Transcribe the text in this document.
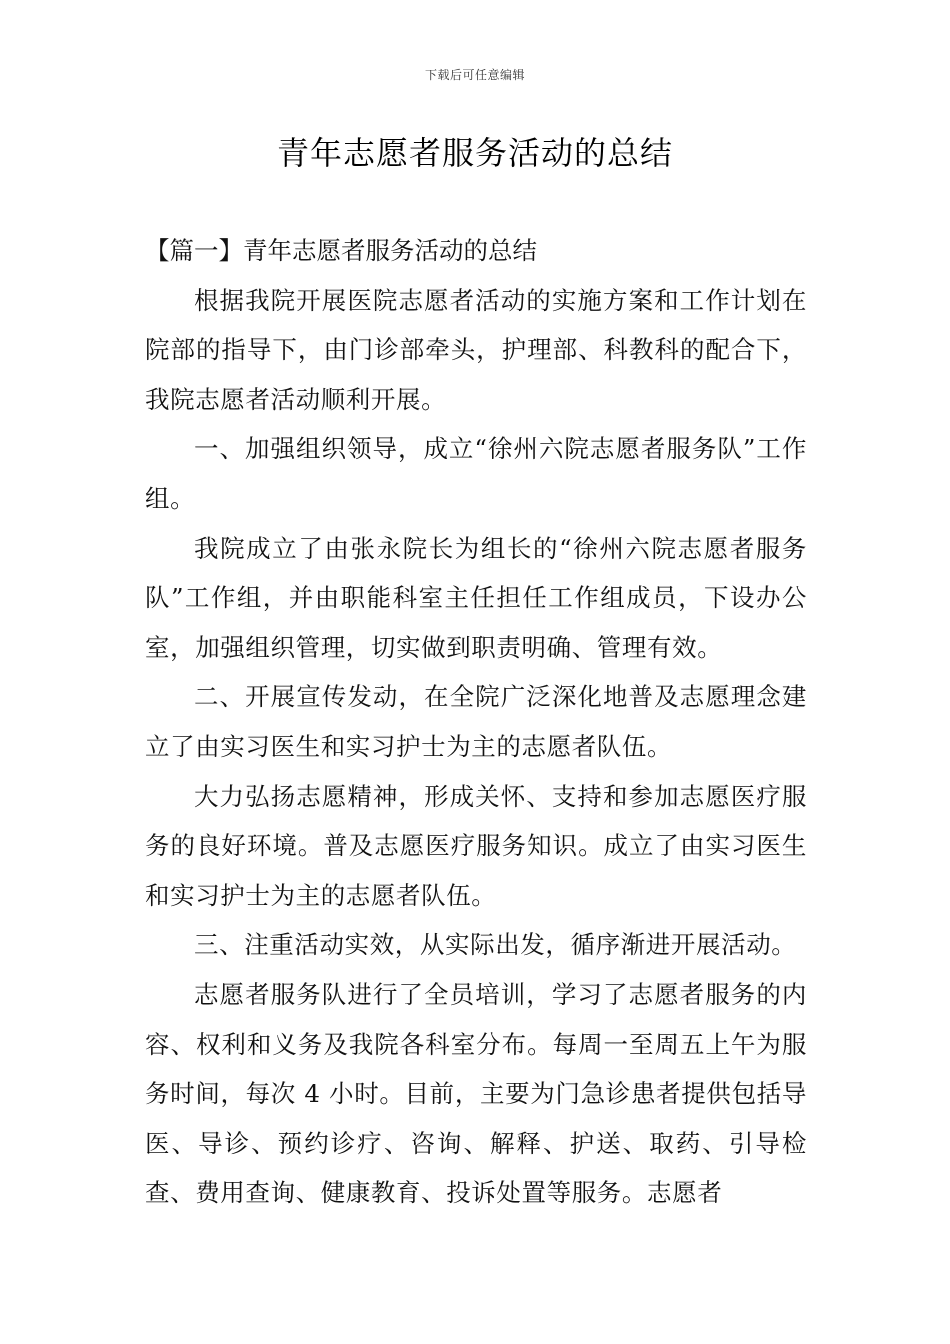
下载后可任意编辑
青年志愿者服务活动的总结

【篇一】青年志愿者服务活动的总结

根据我院开展医院志愿者活动的实施方案和工作计划在院部的指导下，由门诊部牵头，护理部、科教科的配合下，我院志愿者活动顺利开展。

一、加强组织领导，成立“徐州六院志愿者服务队”工作组。

我院成立了由张永院长为组长的“徐州六院志愿者服务队”工作组，并由职能科室主任担任工作组成员，下设办公室，加强组织管理，切实做到职责明确、管理有效。

二、开展宣传发动，在全院广泛深化地普及志愿理念建立了由实习医生和实习护士为主的志愿者队伍。

大力弘扬志愿精神，形成关怀、支持和参加志愿医疗服务的良好环境。普及志愿医疗服务知识。成立了由实习医生和实习护士为主的志愿者队伍。

三、注重活动实效，从实际出发，循序渐进开展活动。

志愿者服务队进行了全员培训，学习了志愿者服务的内容、权利和义务及我院各科室分布。每周一至周五上午为服务时间，每次 4 小时。目前，主要为门急诊患者提供包括导医、导诊、预约诊疗、咨询、解释、护送、取药、引导检查、费用查询、健康教育、投诉处置等服务。志愿者
